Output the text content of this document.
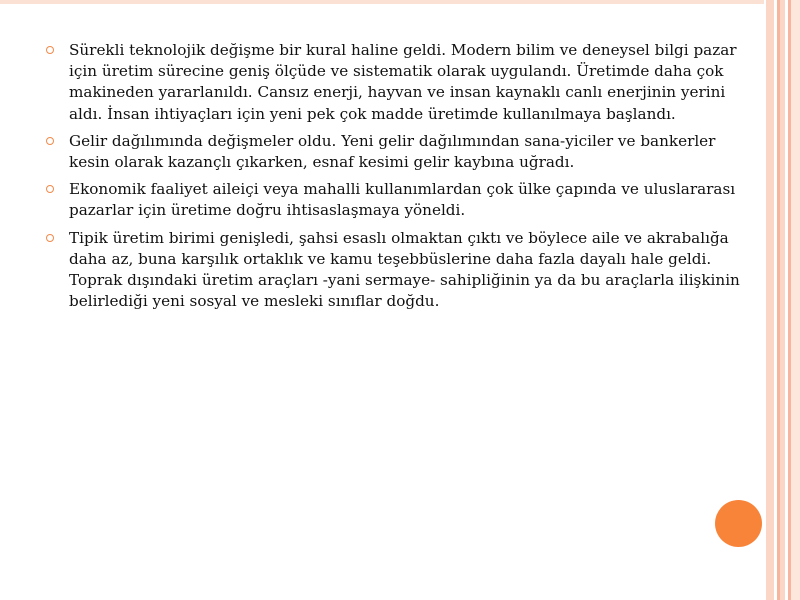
Sürekli teknolojik değişme bir kural haline geldi. Modern bilim ve deneysel bilgi pazar için üretim sürecine geniş ölçüde ve sistematik olarak uygulandı. Üretimde daha çok makineden yararlanıldı. Cansız enerji, hayvan ve insan kaynaklı canlı enerjinin yerini aldı. İnsan ihtiyaçları için yeni pek çok madde üretimde kullanılmaya başlandı.
Gelir dağılımında değişmeler oldu. Yeni gelir dağılımından sana-yiciler ve bankerler kesin olarak kazançlı çıkarken, esnaf kesimi gelir kaybına uğradı.
Ekonomik faaliyet aileiçi veya mahalli kullanımlardan çok ülke çapında ve uluslararası pazarlar için üretime doğru ihtisaslaşmaya yöneldi.
Tipik üretim birimi genişledi, şahsi esaslı olmaktan çıktı ve böylece aile ve akrabalığa daha az, buna karşılık ortaklık ve kamu teşebbüslerine daha fazla dayalı hale geldi. Toprak dışındaki üretim araçları -yani sermaye- sahipliğinin ya da bu araçlarla ilişkinin belirlediği yeni sosyal ve mesleki sınıflar doğdu.
